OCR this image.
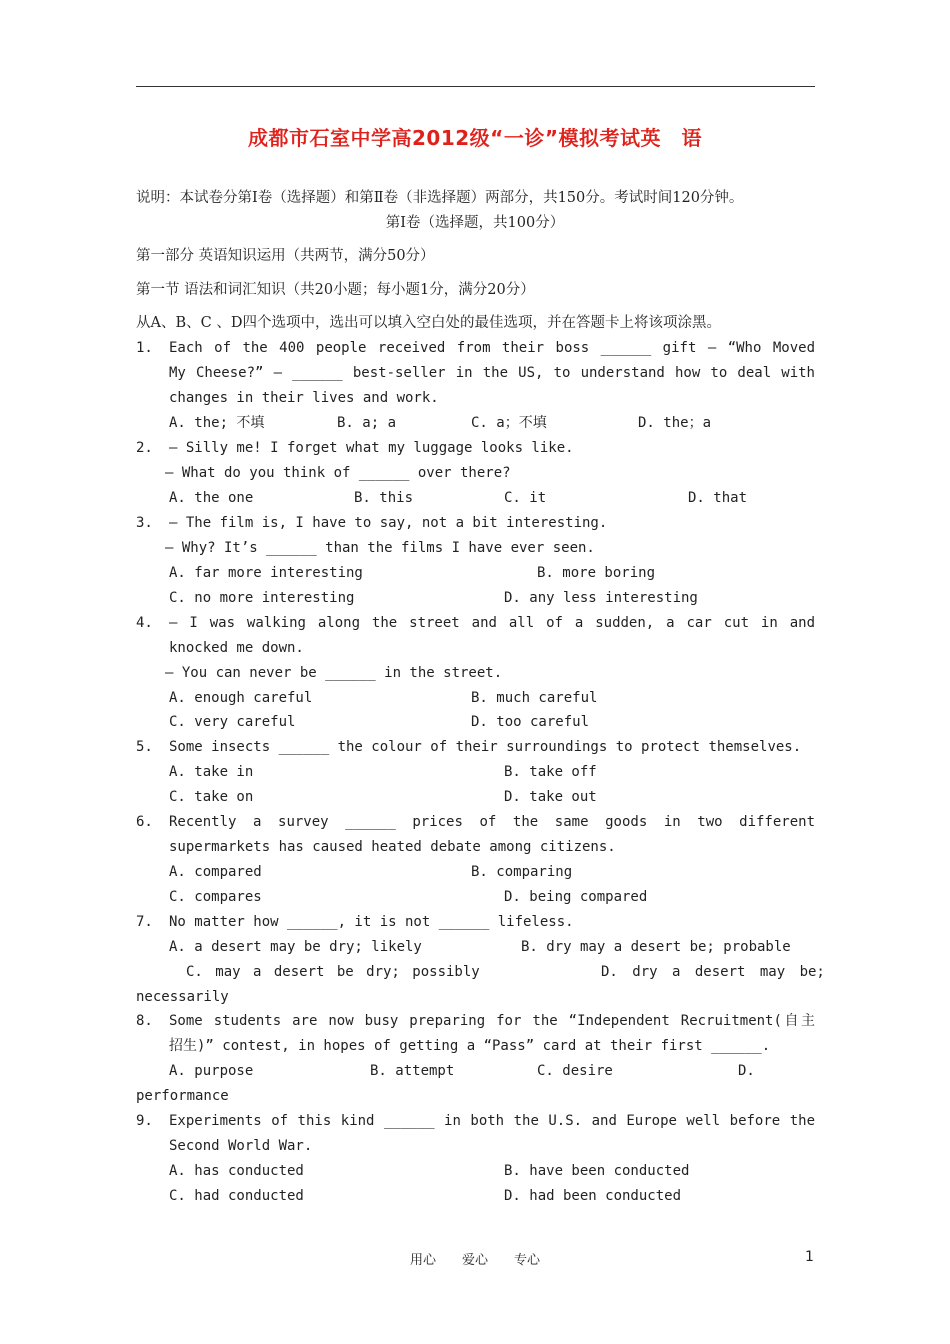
成都市石室中学高2012级“一诊”模拟考试英　语
说明：本试卷分第Ⅰ卷（选择题）和第Ⅱ卷（非选择题）两部分，共150分。考试时间120分钟。
第Ⅰ卷（选择题，共100分）
第一部分 英语知识运用（共两节，满分50分）
第一节 语法和词汇知识（共20小题；每小题1分，满分20分）
从A、B、C 、D四个选项中，选出可以填入空白处的最佳选项，并在答题卡上将该项涂黑。
1. Each of the 400 people received from their boss ______ gift — “Who Moved
My Cheese?” — ______ best-seller in the US, to understand how to deal with
changes in their lives and work.
A. the; 不填	B. a; a	C. a；不填	D. the；a
2. — Silly me! I forget what my luggage looks like.
— What do you think of ______ over there?
A. the one	B. this	C. it	D. that
3. — The film is, I have to say, not a bit interesting.
— Why? It’s ______ than the films I have ever seen.
A. far more interesting	B. more boring
C. no more interesting	D. any less interesting
4. — I was walking along the street and all of a sudden, a car cut in and
knocked me down.
— You can never be ______ in the street.
A. enough careful	B. much careful
C. very careful	D. too careful
5. Some insects ______ the colour of their surroundings to protect themselves.
A. take in	B. take off
C. take on	D. take out
6. Recently a survey ______ prices of the same goods in two different
supermarkets has caused heated debate among citizens.
A. compared	B. comparing
C. compares	D. being compared
7. No matter how ______, it is not ______ lifeless.
A. a desert may be dry; likely	B. dry may a desert be; probable
C. may a desert be dry; possibly	D. dry a desert may be;
necessarily
8. Some students are now busy preparing for the “Independent Recruitment(自主
招生)” contest, in hopes of getting a “Pass” card at their first ______.
A. purpose	B. attempt	C. desire	D.
performance
9. Experiments of this kind ______ in both the U.S. and Europe well before the
Second World War.
A. has conducted	B. have been conducted
C. had conducted	D. had been conducted
用心　　爱心　　专心	1
